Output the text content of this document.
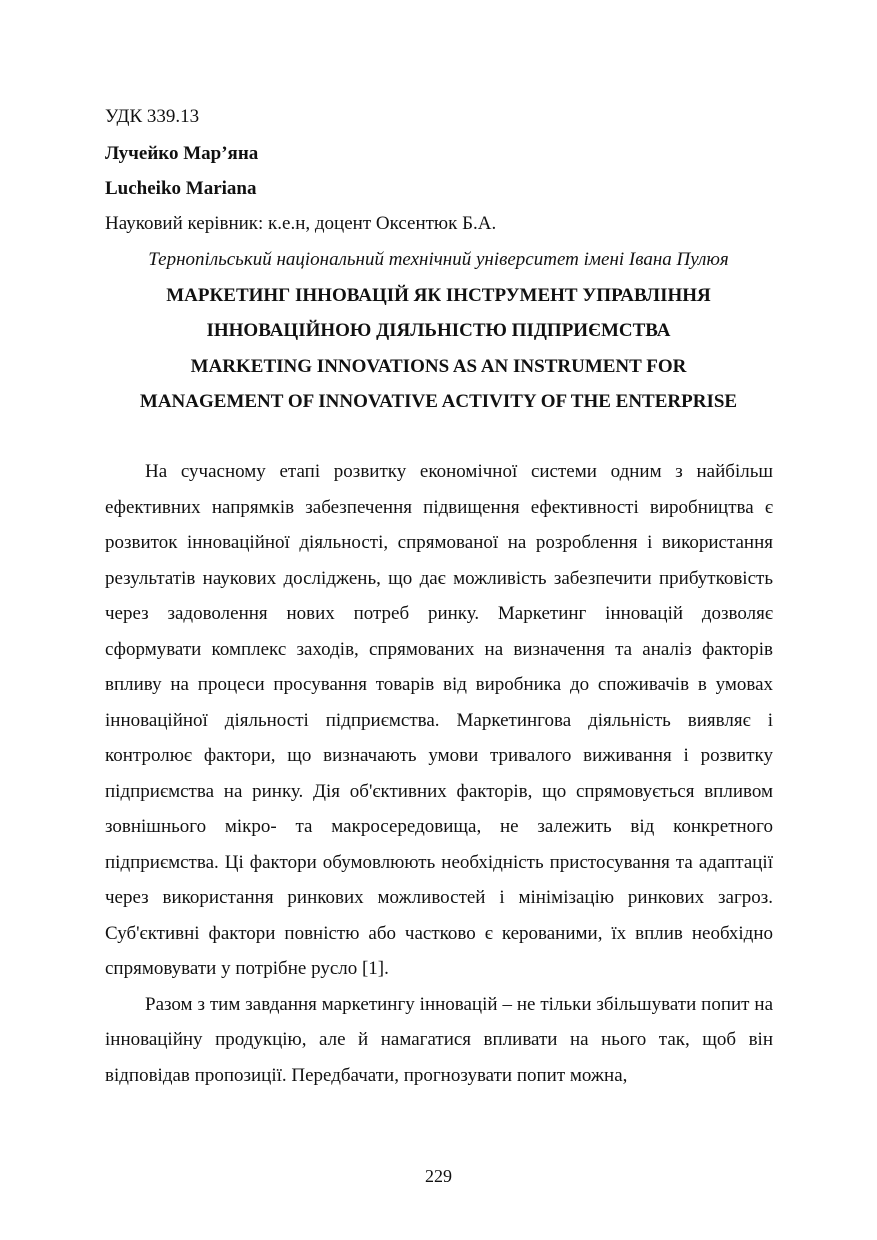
УДК 339.13
Лучейко Мар’яна
Lucheiko Mariana
Науковий керівник: к.е.н, доцент Оксентюк Б.А.
Тернопільський національний технічний університет імені Івана Пулюя
МАРКЕТИНГ ІННОВАЦІЙ ЯК ІНСТРУМЕНТ УПРАВЛІННЯ
ІННОВАЦІЙНОЮ ДІЯЛЬНІСТЮ ПІДПРИЄМСТВА
MARKETING INNOVATIONS AS AN INSTRUMENT FOR
MANAGEMENT OF INNOVATIVE ACTIVITY OF THE ENTERPRISE

На сучасному етапі розвитку економічної системи одним з найбільш ефективних напрямків забезпечення підвищення ефективності виробництва є розвиток інноваційної діяльності, спрямованої на розроблення і використання результатів наукових досліджень, що дає можливість забезпечити прибутковість через задоволення нових потреб ринку. Маркетинг інновацій дозволяє сформувати комплекс заходів, спрямованих на визначення та аналіз факторів впливу на процеси просування товарів від виробника до споживачів в умовах інноваційної діяльності підприємства. Маркетингова діяльність виявляє і контролює фактори, що визначають умови тривалого виживання і розвитку підприємства на ринку. Дія об'єктивних факторів, що спрямовується впливом зовнішнього мікро- та макросередовища, не залежить від конкретного підприємства. Ці фактори обумовлюють необхідність пристосування та адаптації через використання ринкових можливостей і мінімізацію ринкових загроз. Суб'єктивні фактори повністю або частково є керованими, їх вплив необхідно спрямовувати у потрібне русло [1].

Разом з тим завдання маркетингу інновацій – не тільки збільшувати попит на інноваційну продукцію, але й намагатися впливати на нього так, щоб він відповідав пропозиції. Передбачати, прогнозувати попит можна,

229
